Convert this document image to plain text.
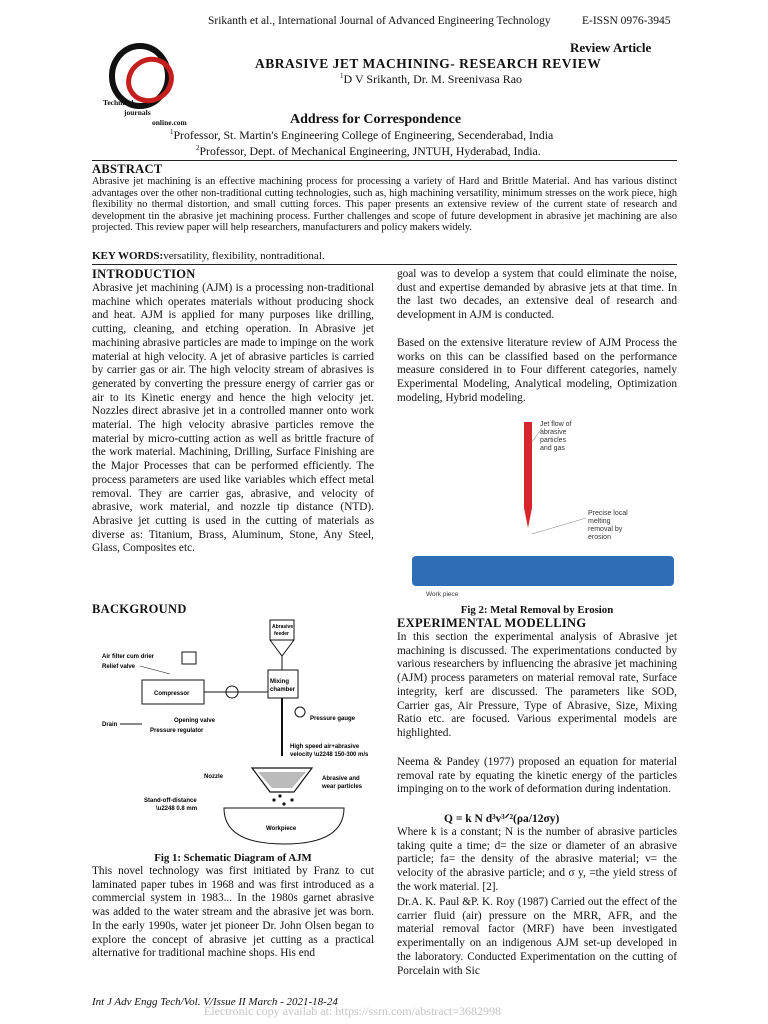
Srikanth et al., International Journal of Advanced Engineering Technology	E-ISSN 0976-3945
Technical
journals
online.com
Review Article
ABRASIVE JET MACHINING- RESEARCH REVIEW
$^1$D V Srikanth, Dr. M. Sreenivasa Rao
Address for Correspondence
$^1$Professor, St. Martin's Engineering College of Engineering, Secenderabad, India
$^2$Professor, Dept. of Mechanical Engineering, JNTUH, Hyderabad, India.
ABSTRACT
Abrasive jet machining is an effective machining process for processing a variety of Hard and Brittle Material. And has various distinct advantages over the other non-traditional cutting technologies, such as, high machining versatility, minimum stresses on the work piece, high flexibility no thermal distortion, and small cutting forces. This paper presents an extensive review of the current state of research and development tin the abrasive jet machining process. Further challenges and scope of future development in abrasive jet machining are also projected. This review paper will help researchers, manufacturers and policy makers widely.
KEY WORDS:versatility, flexibility, nontraditional.
INTRODUCTION
Abrasive jet machining (AJM) is a processing non-traditional machine which operates materials without producing shock and heat. AJM is applied for many purposes like drilling, cutting, cleaning, and etching operation. In Abrasive jet machining abrasive particles are made to impinge on the work material at high velocity. A jet of abrasive particles is carried by carrier gas or air. The high velocity stream of abrasives is generated by converting the pressure energy of carrier gas or air to its Kinetic energy and hence the high velocity jet. Nozzles direct abrasive jet in a controlled manner onto work material. The high velocity abrasive particles remove the material by micro-cutting action as well as brittle fracture of the work material. Machining, Drilling, Surface Finishing are the Major Processes that can be performed efficiently. The process parameters are used like variables which effect metal removal. They are carrier gas, abrasive, and velocity of abrasive, work material, and nozzle tip distance (NTD). Abrasive jet cutting is used in the cutting of materials as diverse as: Titanium, Brass, Aluminum, Stone, Any Steel, Glass, Composites etc.
BACKGROUND
Abrasive
feeder
Air filter cum drier
Relief valve
Compressor
Mixing
chamber
Drain
Opening valve
Pressure regulator
Pressure gauge
High speed air+abrasive
velocity \u2248 150-300 m/s
Nozzle	Abrasive and
wear particles
Stand-off-distance
\u2248 0.8 mm
Workpiece
Fig 1: Schematic Diagram of AJM
This novel technology was first initiated by Franz to cut laminated paper tubes in 1968 and was first introduced as a commercial system in 1983... In the 1980s garnet abrasive was added to the water stream and the abrasive jet was born. In the early 1990s, water jet pioneer Dr. John Olsen began to explore the concept of abrasive jet cutting as a practical alternative for traditional machine shops. His end
goal was to develop a system that could eliminate the noise, dust and expertise demanded by abrasive jets at that time. In the last two decades, an extensive deal of research and development in AJM is conducted.
Based on the extensive literature review of AJM Process the works on this can be classified based on the performance measure considered in to Four different categories, namely Experimental Modeling, Analytical modeling, Optimization modeling, Hybrid modeling.
Jet flow of
abrasive
particles
and gas
Precise local
melting
removal by
erosion
Work piece
Fig 2: Metal Removal by Erosion
EXPERIMENTAL MODELLING
In this section the experimental analysis of Abrasive jet machining is discussed. The experimentations conducted by various researchers by influencing the abrasive jet machining (AJM) process parameters on material removal rate, Surface integrity, kerf are discussed. The parameters like SOD, Carrier gas, Air Pressure, Type of Abrasive, Size, Mixing Ratio etc. are focused. Various experimental models are highlighted.
Neema & Pandey (1977) proposed an equation for material removal rate by equating the kinetic energy of the particles impinging on to the work of deformation during indentation.
Q = k N d³v³ᐟ²(ρa/12σy)
Where k is a constant; N is the number of abrasive particles taking quite a time; d= the size or diameter of an abrasive particle; fa= the density of the abrasive material; v= the velocity of the abrasive particle; and σ y, =the yield stress of the work material. [2].
Dr.A. K. Paul &P. K. Roy (1987) Carried out the effect of the carrier fluid (air) pressure on the MRR, AFR, and the material removal factor (MRF) have been investigated experimentally on an indigenous AJM set-up developed in the laboratory. Conducted Experimentation on the cutting of Porcelain with Sic
Int J Adv Engg Tech/Vol. V/Issue II March - 2021-18-24
Electronic copy availab at: https://ssrn.com/abstract=3682998
